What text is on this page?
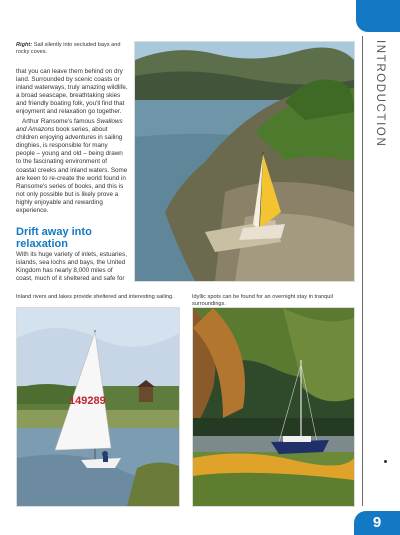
INTRODUCTION
Right: Sail silently into secluded bays and rocky coves.

that you can leave them behind on dry land. Surrounded by scenic coasts or inland waterways, truly amazing wildlife, a broad seascape, breathtaking skies and friendly boating folk, you'll find that enjoyment and relaxation go together.

Arthur Ransome's famous Swallows and Amazons book series, about children enjoying adventures in sailing dinghies, is responsible for many people – young and old – being drawn to the fascinating environment of coastal creeks and inland waters. Some are keen to re-create the world found in Ransome's series of books, and this is not only possible but is likely prove a highly enjoyable and rewarding experience.

Drift away into relaxation

With its huge variety of inlets, estuaries, islands, sea lochs and bays, the United Kingdom has nearly 8,000 miles of coast, much of it sheltered and safe for

Inland rivers and lakes provide sheltered and interesting sailing.	Idyllic spots can be found for an overnight stay in tranquil surroundings.
149289
9
